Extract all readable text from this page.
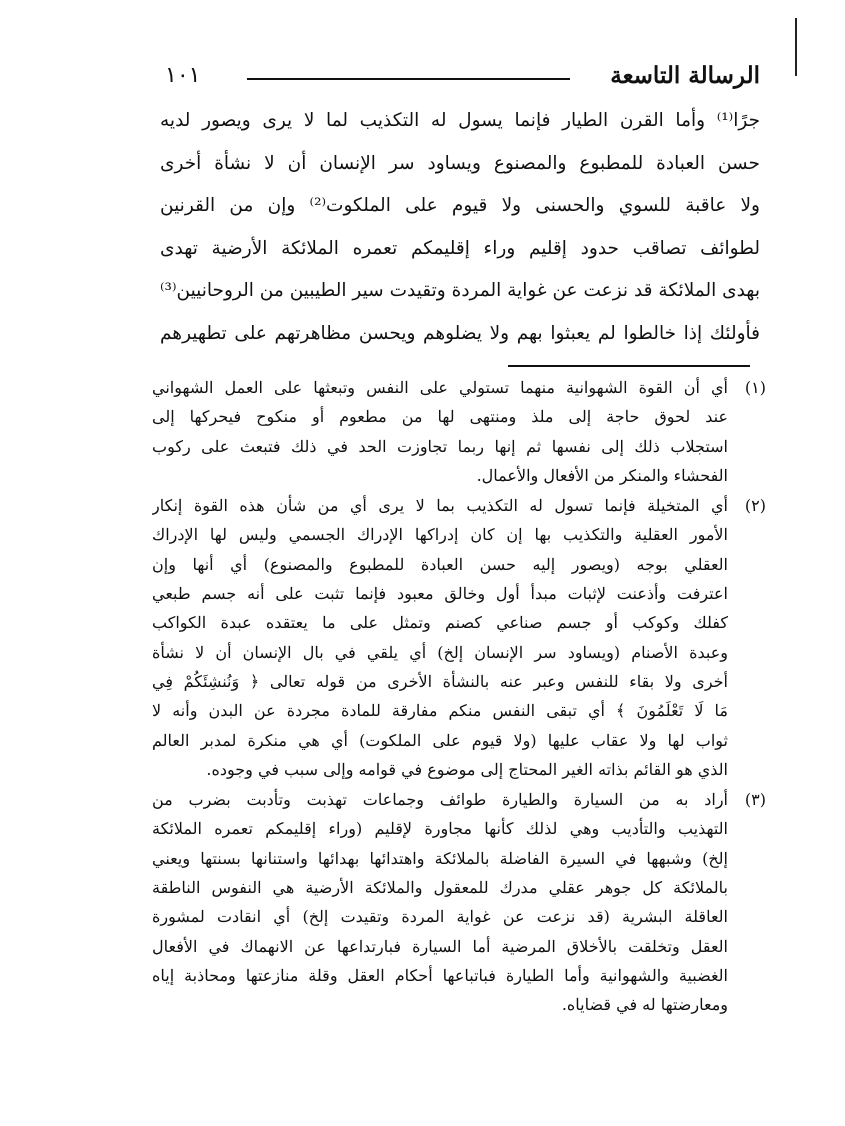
الرسالة التاسعة
١٠١
جرًا⁽¹⁾ وأما القرن الطيار فإنما يسول له التكذيب لما لا يرى ويصور لديه
حسن العبادة للمطبوع والمصنوع ويساود سر الإنسان أن لا نشأة أخرى
ولا عاقبة للسوي والحسنى ولا قيوم على الملكوت⁽²⁾ وإن من القرنين
لطوائف تصاقب حدود إقليم وراء إقليمكم تعمره الملائكة الأرضية تهدى
بهدى الملائكة قد نزعت عن غواية المردة وتقيدت سير الطيبين من الروحانيين⁽³⁾
فأولئك إذا خالطوا لم يعبثوا بهم ولا يضلوهم ويحسن مظاهرتهم على تطهيرهم
(١)
أي أن القوة الشهوانية منهما تستولي على النفس وتبعثها على العمل الشهواني
عند لحوق حاجة إلى ملذ ومنتهى لها من مطعوم أو منكوح فيحركها إلى
استجلاب ذلك إلى نفسها ثم إنها ربما تجاوزت الحد في ذلك فتبعث على ركوب
الفحشاء والمنكر من الأفعال والأعمال.
(٢)
أي المتخيلة فإنما تسول له التكذيب بما لا يرى أي من شأن هذه القوة إنكار
الأمور العقلية والتكذيب بها إن كان إدراكها الإدراك الجسمي وليس لها الإدراك
العقلي بوجه (ويصور إليه حسن العبادة للمطبوع والمصنوع) أي أنها وإن
اعترفت وأذعنت لإثبات مبدأ أول وخالق معبود فإنما تثبت على أنه جسم طبعي
كفلك وكوكب أو جسم صناعي كصنم وتمثل على ما يعتقده عبدة الكواكب
وعبدة الأصنام (ويساود سر الإنسان إلخ) أي يلقي في بال الإنسان أن لا نشأة
أخرى ولا بقاء للنفس وعبر عنه بالنشأة الأخرى من قوله تعالى ﴿ وَنُنشِئَكُمْ فِي
مَا لَا تَعْلَمُونَ ﴾ أي تبقى النفس منكم مفارقة للمادة مجردة عن البدن وأنه لا
ثواب لها ولا عقاب عليها (ولا قيوم على الملكوت) أي هي منكرة لمدبر العالم
الذي هو القائم بذاته الغير المحتاج إلى موضوع في قوامه وإلى سبب في وجوده.
(٣)
أراد به من السيارة والطيارة طوائف وجماعات تهذبت وتأدبت بضرب من
التهذيب والتأديب وهي لذلك كأنها مجاورة لإقليم (وراء إقليمكم تعمره الملائكة
إلخ) وشبهها في السيرة الفاضلة بالملائكة واهتدائها بهدائها واستنانها بسنتها ويعني
بالملائكة كل جوهر عقلي مدرك للمعقول والملائكة الأرضية هي النفوس الناطقة
العاقلة البشرية (قد نزعت عن غواية المردة وتقيدت إلخ) أي انقادت لمشورة
العقل وتخلقت بالأخلاق المرضية أما السيارة فبارتداعها عن الانهماك في الأفعال
الغضبية والشهوانية وأما الطيارة فباتباعها أحكام العقل وقلة منازعتها ومحاذبة إياه
ومعارضتها له في قضاياه.
